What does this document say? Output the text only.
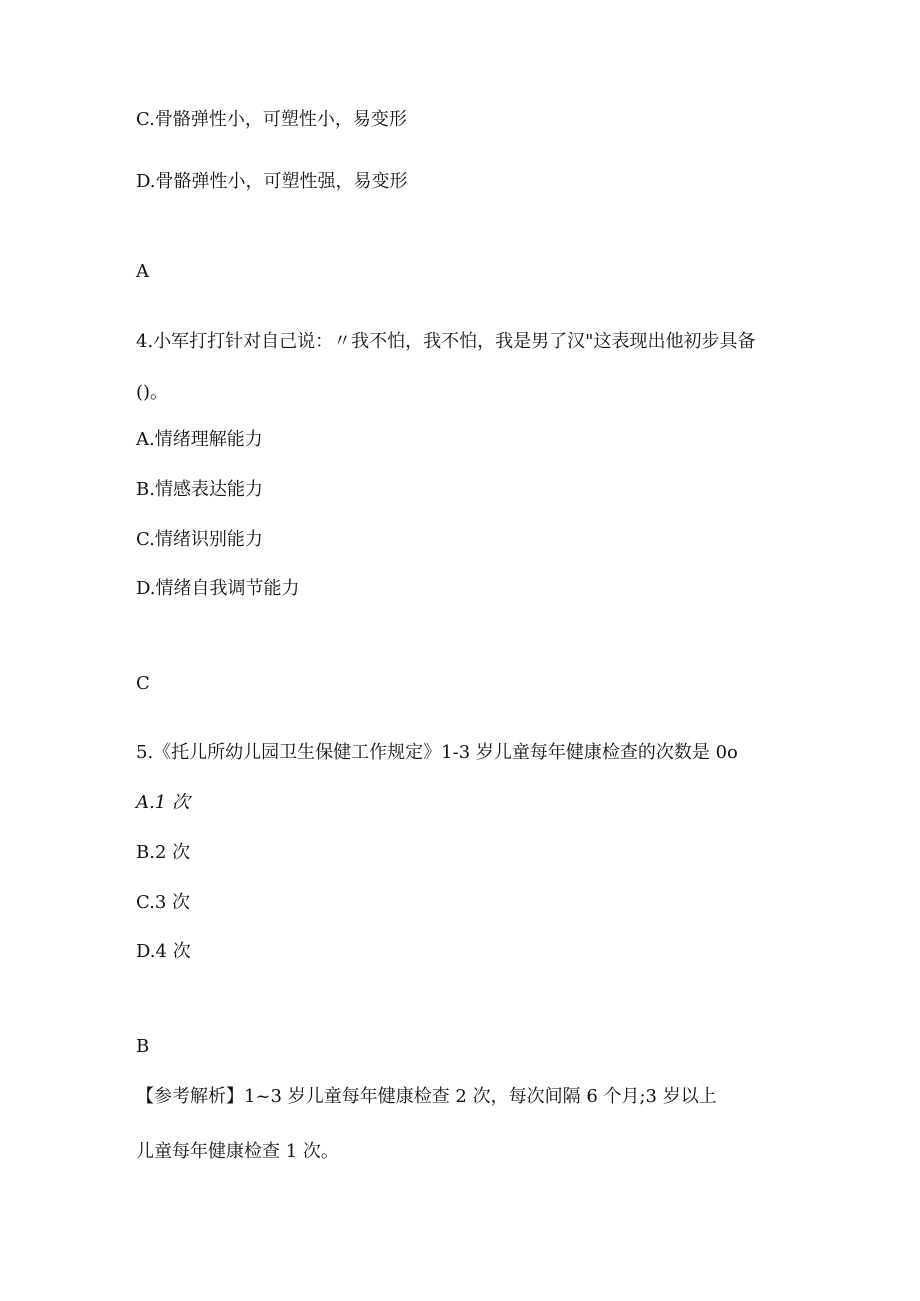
C.骨骼弹性小，可塑性小，易变形
D.骨骼弹性小，可塑性强，易变形
A
4.小军打打针对自己说：〃我不怕，我不怕，我是男了汉"这表现出他初步具备
()。
A.情绪理解能力
B.情感表达能力
C.情绪识别能力
D.情绪自我调节能力
C
5.《托儿所幼儿园卫生保健工作规定》1-3 岁儿童每年健康检查的次数是 0o
A.1 次
B.2 次
C.3 次
D.4 次
B
【参考解析】1~3 岁儿童每年健康检查 2 次，每次间隔 6 个月;3 岁以上
儿童每年健康检查 1 次。
